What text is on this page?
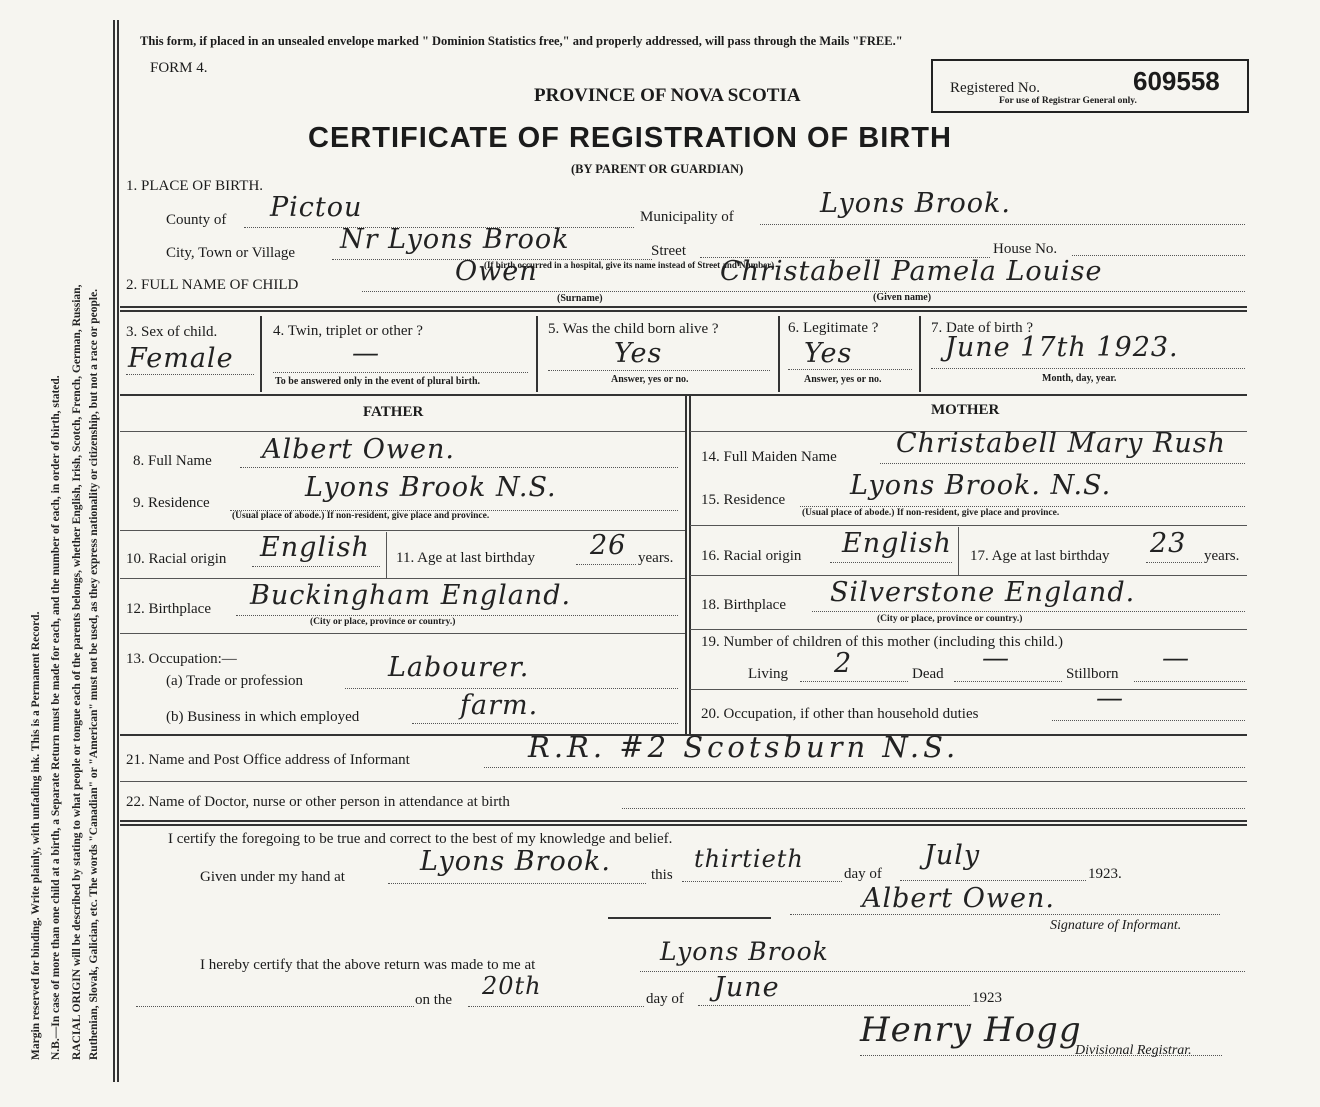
Margin reserved for binding. Write plainly, with unfading ink. This is a Permanent Record. N.B.—In case of more than one child at a birth, a Separate Return must be made for each, and the number of each, in order of birth, stated. RACIAL ORIGIN will be described by stating to what people or tongue each of the parents belongs, whether English, Irish, Scotch, French, German, Russian, Ruthenian, Slovak, Galician, etc. The words "Canadian" or "American" must not be used, as they express nationality or citizenship, but not a race or people.
This form, if placed in an unsealed envelope marked " Dominion Statistics free," and properly addressed, will pass through the Mails "FREE."
FORM 4.
PROVINCE OF NOVA SCOTIA
CERTIFICATE OF REGISTRATION OF BIRTH
(BY PARENT OR GUARDIAN)
Registered No.	609558
For use of Registrar General only.
1. PLACE OF BIRTH.
County of Pictou	Municipality of	Lyons Brook.
City, Town or Village Nr Lyons Brook	Street	House No.
(If birth occurred in a hospital, give its name instead of Street and Number)
2. FULL NAME OF CHILD	Owen	Christabell Pamela Louise
(Surname)	(Given name)
3. Sex of child.
Female
4. Twin, triplet or other ?
—
To be answered only in the event of plural birth.
5. Was the child born alive ?
Yes
Answer, yes or no.
6. Legitimate ?
Yes
Answer, yes or no.
7. Date of birth ?
June 17th 1923.
Month, day, year.
FATHER	MOTHER
8. Full Name Albert Owen.
9. Residence	Lyons Brook N.S.
(Usual place of abode.) If non-resident, give place and province.
10. Racial origin English 11. Age at last birthday 26 years.
12. Birthplace Buckingham England.
(City or place, province or country.)
13. Occupation:—
(a) Trade or profession	Labourer.
(b) Business in which employed	farm.
14. Full Maiden Name Christabell Mary Rush
15. Residence Lyons Brook. N.S.
(Usual place of abode.) If non-resident, give place and province.
16. Racial origin English 17. Age at last birthday 23 years.
18. Birthplace Silverstone England.
(City or place, province or country.)
19. Number of children of this mother (including this child.)
Living 2	Dead —	Stillborn —
20. Occupation, if other than household duties	—
21. Name and Post Office address of Informant	R.R. #2 Scotsburn N.S.
22. Name of Doctor, nurse or other person in attendance at birth
I certify the foregoing to be true and correct to the best of my knowledge and belief.
Given under my hand at	Lyons Brook.	this
thirtieth
day of
July
1923.
Albert Owen.
Signature of Informant.
I hereby certify that the above return was made to me at	Lyons Brook
on the 20th	day of June	1923
Henry Hogg
Divisional Registrar.
